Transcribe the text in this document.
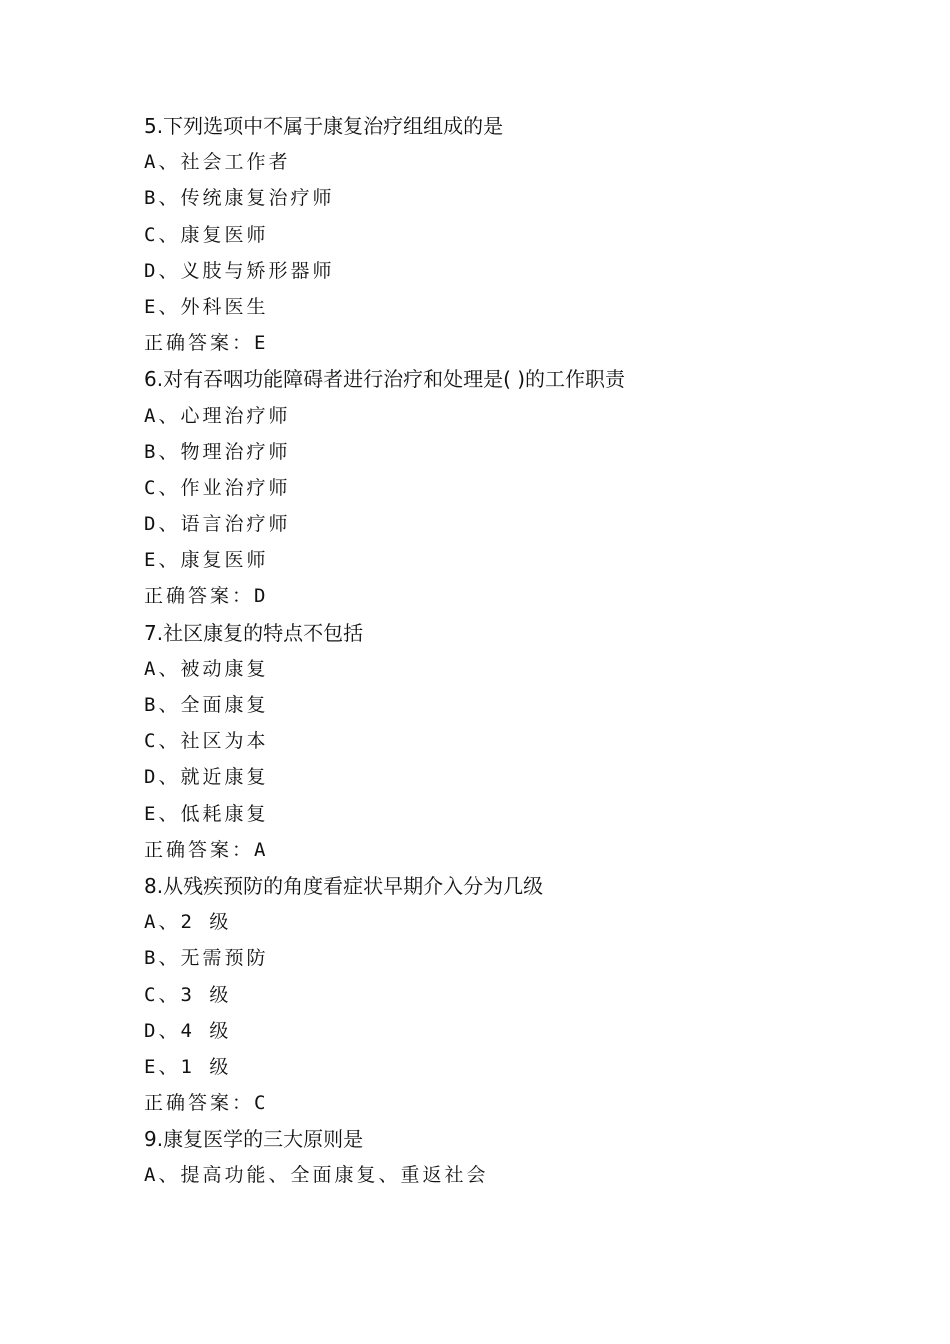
5.下列选项中不属于康复治疗组组成的是
A、社会工作者
B、传统康复治疗师
C、康复医师
D、义肢与矫形器师
E、外科医生
正确答案：E
6.对有吞咽功能障碍者进行治疗和处理是( )的工作职责
A、心理治疗师
B、物理治疗师
C、作业治疗师
D、语言治疗师
E、康复医师
正确答案：D
7.社区康复的特点不包括
A、被动康复
B、全面康复
C、社区为本
D、就近康复
E、低耗康复
正确答案：A
8.从残疾预防的角度看症状早期介入分为几级
A、2 级
B、无需预防
C、3 级
D、4 级
E、1 级
正确答案：C
9.康复医学的三大原则是
A、提高功能、全面康复、重返社会
